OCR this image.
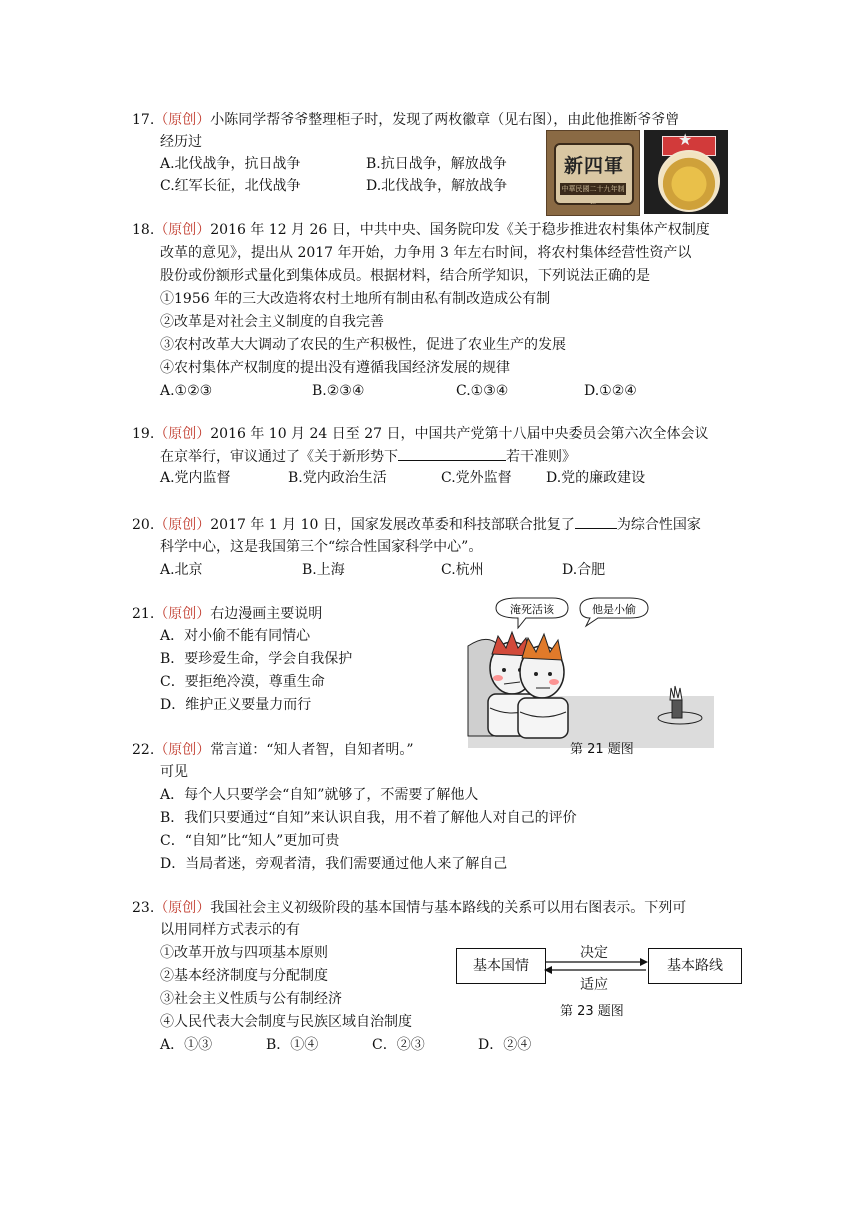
17.（原创）小陈同学帮爷爷整理柜子时，发现了两枚徽章（见右图），由此他推断爷爷曾
经历过
A.北伐战争，抗日战争	B.抗日战争，解放战争
C.红军长征，北伐战争	D.北伐战争，解放战争
新四軍
中華民國二十九年制發
★
18.（原创）2016 年 12 月 26 日，中共中央、国务院印发《关于稳步推进农村集体产权制度
改革的意见》，提出从 2017 年开始，力争用 3 年左右时间，将农村集体经营性资产以
股份或份额形式量化到集体成员。根据材料，结合所学知识，下列说法正确的是
①1956 年的三大改造将农村土地所有制由私有制改造成公有制
②改革是对社会主义制度的自我完善
③农村改革大大调动了农民的生产积极性，促进了农业生产的发展
④农村集体产权制度的提出没有遵循我国经济发展的规律
A.①②③	B.②③④	C.①③④	D.①②④
19.（原创）2016 年 10 月 24 日至 27 日，中国共产党第十八届中央委员会第六次全体会议
在京举行，审议通过了《关于新形势下	若干准则》
A.党内监督	B.党内政治生活	C.党外监督 D.党的廉政建设
20.（原创）2017 年 1 月 10 日，国家发展改革委和科技部联合批复了	为综合性国家
科学中心，这是我国第三个“综合性国家科学中心”。
A.北京	B.上海	C.杭州	D.合肥
21.（原创）右边漫画主要说明
A．对小偷不能有同情心
B．要珍爱生命，学会自我保护
C．要拒绝冷漠，尊重生命
D．维护正义要量力而行
淹死活该	他是小偷
第 21 题图
22.（原创）常言道：“知人者智，自知者明。”
可见
A．每个人只要学会“自知”就够了，不需要了解他人
B．我们只要通过“自知”来认识自我，用不着了解他人对自己的评价
C．“自知”比“知人”更加可贵
D．当局者迷，旁观者清，我们需要通过他人来了解自己
23.（原创）我国社会主义初级阶段的基本国情与基本路线的关系可以用右图表示。下列可
以用同样方式表示的有
①改革开放与四项基本原则
②基本经济制度与分配制度
③社会主义性质与公有制经济
④人民代表大会制度与民族区域自治制度
A．①③	B．①④	C．②③	D．②④
基本国情	基本路线
决定
适应
第 23 题图
